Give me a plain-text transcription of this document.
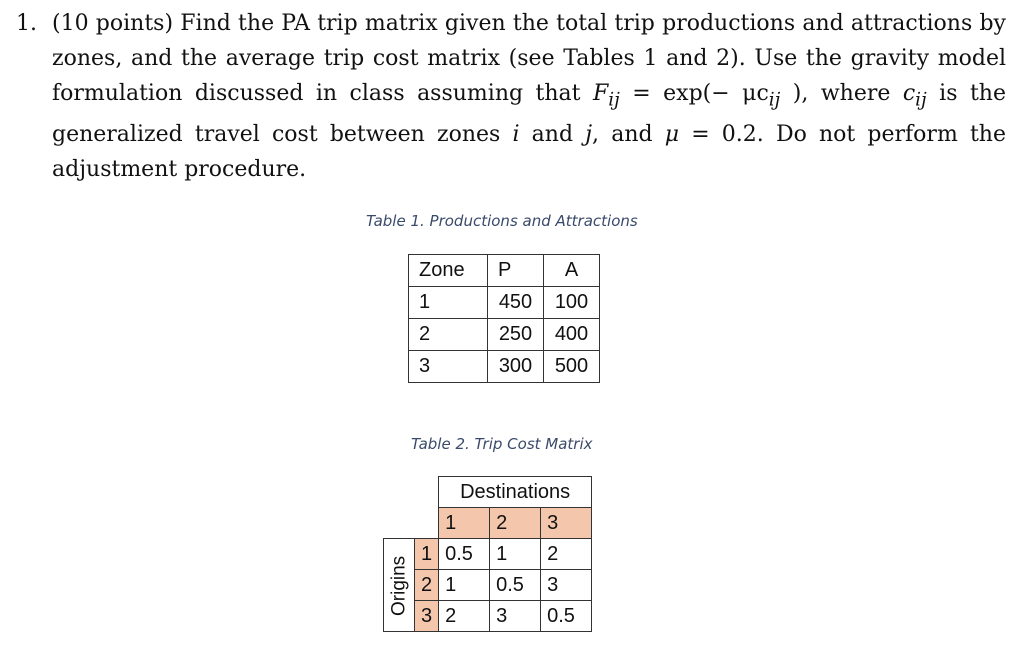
1. (10 points) Find the PA trip matrix given the total trip productions and attractions by zones, and the average trip cost matrix (see Tables 1 and 2). Use the gravity model formulation discussed in class assuming that $F_{ij} = \exp(- \mu c_{ij}$ ), where $c_{ij}$ is the generalized travel cost between zones i and j, and μ = 0.2. Do not perform the adjustment procedure.
Table 1. Productions and Attractions
Zone	P	A
1	450	100
2	250	400
3	300	500
Table 2. Trip Cost Matrix
		Destinations		
		1	2	3
Origins	1	0.5	1	2
	2	1	0.5	3
	3	2	3	0.5
